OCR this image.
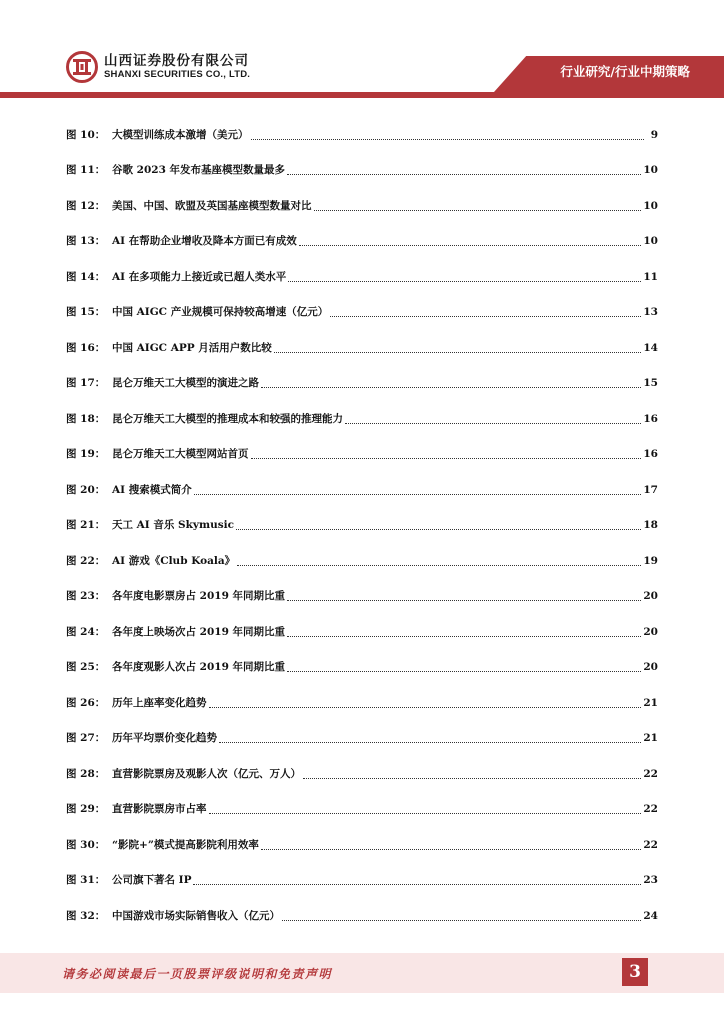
山西证券股份有限公司
SHANXI SECURITIES CO., LTD.	行业研究/行业中期策略
图 10： 大模型训练成本激增（美元）	9
图 11： 谷歌 2023 年发布基座模型数量最多	10
图 12： 美国、中国、欧盟及英国基座模型数量对比	10
图 13： AI 在帮助企业增收及降本方面已有成效	10
图 14： AI 在多项能力上接近或已超人类水平	11
图 15： 中国 AIGC 产业规模可保持较高增速（亿元）	13
图 16： 中国 AIGC APP 月活用户数比较	14
图 17： 昆仑万维天工大模型的演进之路	15
图 18： 昆仑万维天工大模型的推理成本和较强的推理能力	16
图 19： 昆仑万维天工大模型网站首页	16
图 20： AI 搜索模式简介	17
图 21： 天工 AI 音乐 Skymusic	18
图 22： AI 游戏《Club Koala》	19
图 23： 各年度电影票房占 2019 年同期比重	20
图 24： 各年度上映场次占 2019 年同期比重	20
图 25： 各年度观影人次占 2019 年同期比重	20
图 26： 历年上座率变化趋势	21
图 27： 历年平均票价变化趋势	21
图 28： 直营影院票房及观影人次（亿元、万人）	22
图 29： 直营影院票房市占率	22
图 30： “影院+”模式提高影院利用效率	22
图 31： 公司旗下著名 IP	23
图 32： 中国游戏市场实际销售收入（亿元）	24
请务必阅读最后一页股票评级说明和免责声明	3
